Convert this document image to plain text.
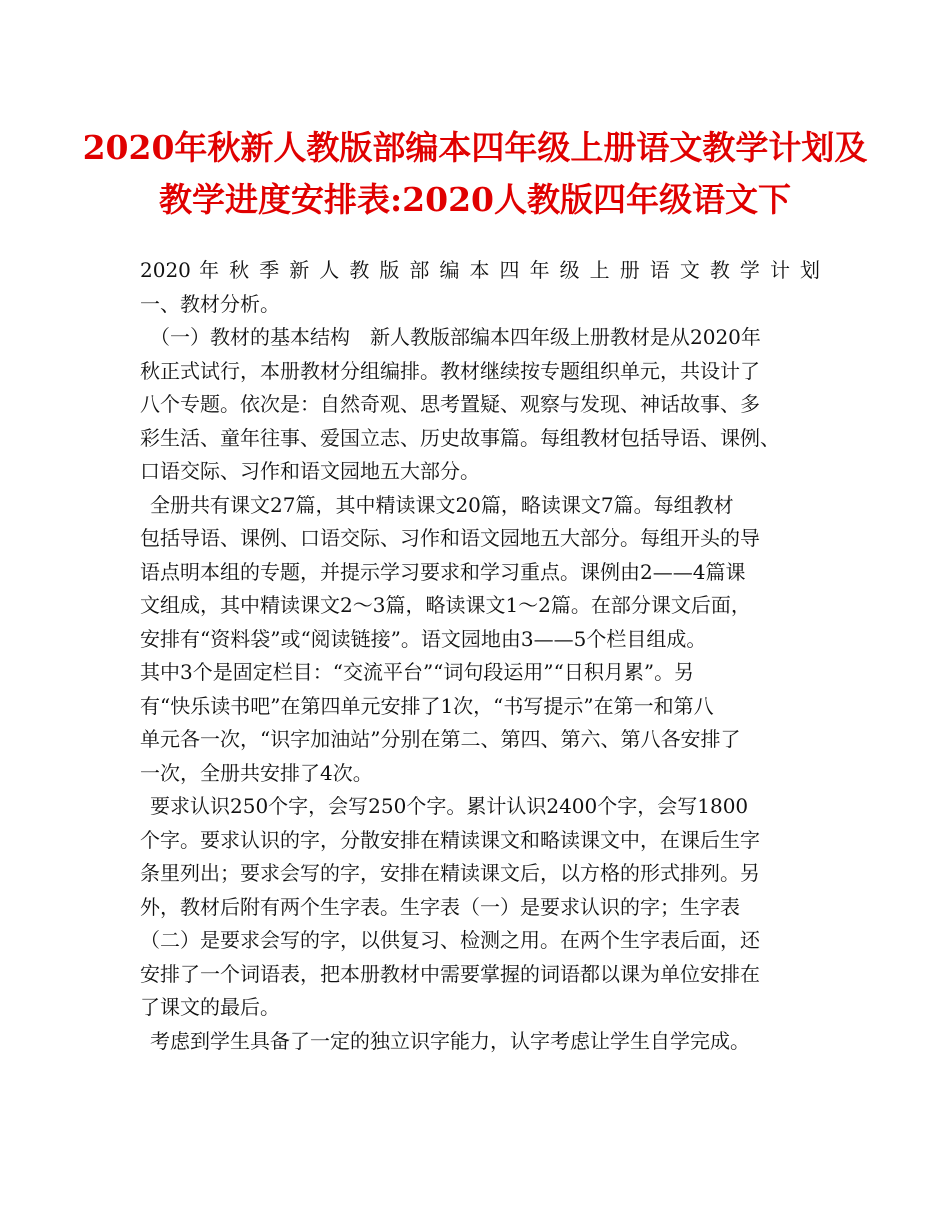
2020年秋新人教版部编本四年级上册语文教学计划及
教学进度安排表:2020人教版四年级语文下
2020 年 秋 季 新 人 教 版 部 编 本 四 年 级 上 册 语 文 教 学 计 划
一、教材分析。
（一）教材的基本结构　新人教版部编本四年级上册教材是从2020年
秋正式试行，本册教材分组编排。教材继续按专题组织单元，共设计了
八个专题。依次是：自然奇观、思考置疑、观察与发现、神话故事、多
彩生活、童年往事、爱国立志、历史故事篇。每组教材包括导语、课例、
口语交际、习作和语文园地五大部分。
全册共有课文27篇，其中精读课文20篇，略读课文7篇。每组教材
包括导语、课例、口语交际、习作和语文园地五大部分。每组开头的导
语点明本组的专题，并提示学习要求和学习重点。课例由2——4篇课
文组成，其中精读课文2～3篇，略读课文1～2篇。在部分课文后面，
安排有“资料袋”或“阅读链接”。语文园地由3——5个栏目组成。
其中3个是固定栏目：“交流平台”“词句段运用”“日积月累”。另
有“快乐读书吧”在第四单元安排了1次，“书写提示”在第一和第八
单元各一次，“识字加油站”分别在第二、第四、第六、第八各安排了
一次，全册共安排了4次。
要求认识250个字，会写250个字。累计认识2400个字，会写1800
个字。要求认识的字，分散安排在精读课文和略读课文中，在课后生字
条里列出；要求会写的字，安排在精读课文后，以方格的形式排列。另
外，教材后附有两个生字表。生字表（一）是要求认识的字；生字表
（二）是要求会写的字，以供复习、检测之用。在两个生字表后面，还
安排了一个词语表，把本册教材中需要掌握的词语都以课为单位安排在
了课文的最后。
考虑到学生具备了一定的独立识字能力，认字考虑让学生自学完成。
